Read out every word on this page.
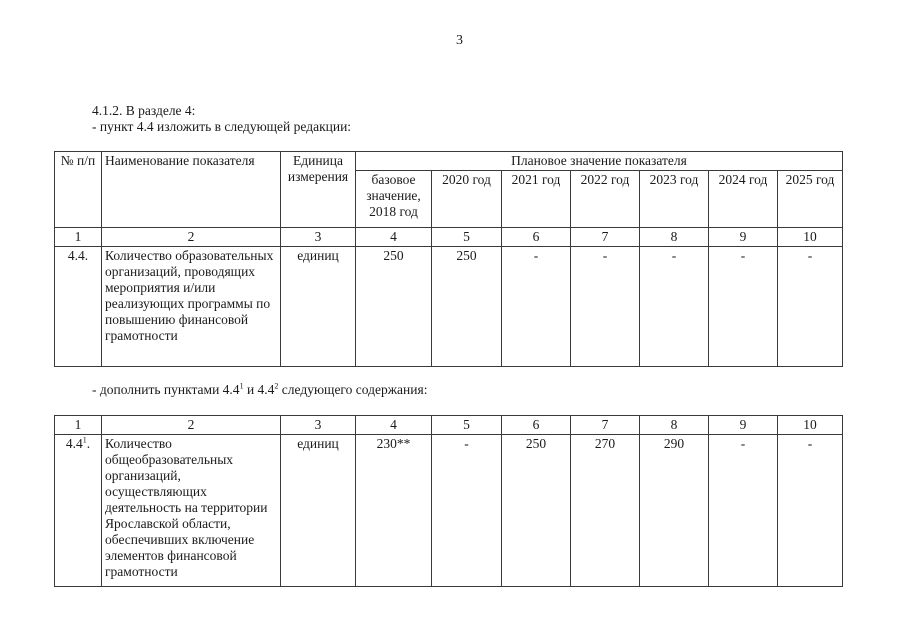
3
4.1.2. В разделе 4:
- пункт 4.4 изложить в следующей редакции:
№ п/п	Наименование показателя	Единица измерения	Плановое значение показателя						
			базовое значение, 2018 год	2020 год	2021 год	2022 год	2023 год	2024 год	2025 год
1	2	3	4	5	6	7	8	9	10
4.4.	Количество образовательных организаций, проводящих мероприятия и/или реализующих программы по повышению финансовой грамотности	единиц	250	250	-	-	-	-	-
- дополнить пунктами $4.4^1$ и $4.4^2$ следующего содержания:
1	2	3	4	5	6	7	8	9	10
$4.4^1$.	Количество общеобразовательных организаций, осуществляющих деятельность на территории Ярославской области, обеспечивших включение элементов финансовой грамотности	единиц	230**	-	250	270	290	-	-
